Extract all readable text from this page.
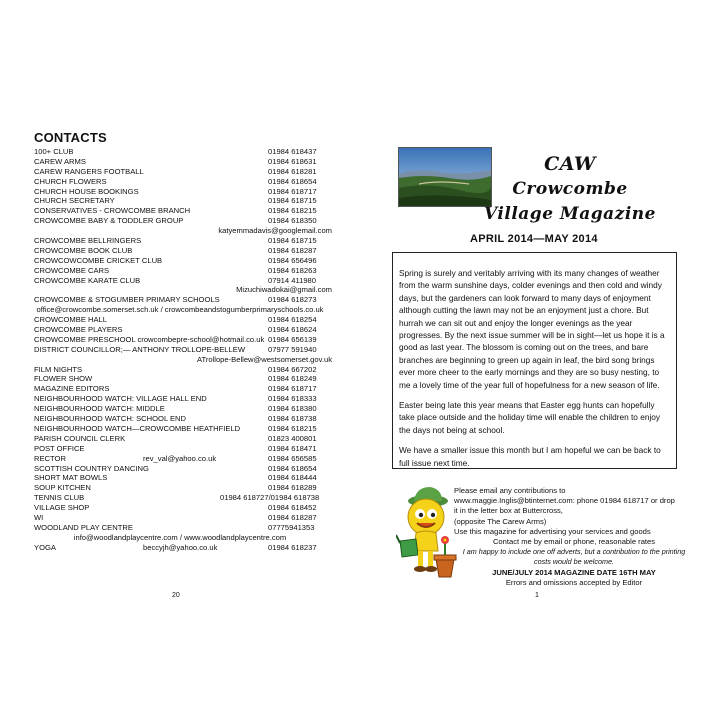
CONTACTS
100+ CLUB	01984 618437
CAREW ARMS	01984 618631
CAREW RANGERS FOOTBALL	01984 618281
CHURCH FLOWERS	01984 618654
CHURCH HOUSE BOOKINGS	01984 618717
CHURCH SECRETARY	01984 618715
CONSERVATIVES - CROWCOMBE BRANCH	01984 618215
CROWCOMBE BABY & TODDLER GROUP	01984 618350
katyemmadavis@googlemail.com
CROWCOMBE BELLRINGERS	01984 618715
CROWCOMBE BOOK CLUB	01984 618287
CROWCOWCOMBE CRICKET CLUB	01984 656496
CROWCOMBE CARS	01984 618263
CROWCOMBE KARATE CLUB	07914 411980
Mizuchiwadokai@gmail.com
CROWCOMBE & STOGUMBER PRIMARY SCHOOLS	01984 618273
office@crowcombe.somerset.sch.uk / crowcombeandstogumberprimaryschools.co.uk
CROWCOMBE HALL	01984 618254
CROWCOMBE PLAYERS	01984 618624
CROWCOMBE PRESCHOOL crowcombepre-school@hotmail.co.uk 01984 656139
DISTRICT COUNCILLOR;— ANTHONY TROLLOPE-BELLEW	07977 591940
ATrollope-Bellew@westsomerset.gov.uk
FILM NIGHTS	01984 667202
FLOWER SHOW	01984 618249
MAGAZINE EDITORS	01984 618717
NEIGHBOURHOOD WATCH: VILLAGE HALL END	01984 618333
NEIGHBOURHOOD WATCH: MIDDLE	01984 618380
NEIGHBOURHOOD WATCH: SCHOOL END	01984 618738
NEIGHBOURHOOD WATCH—CROWCOMBE HEATHFIELD	01984 618215
PARISH COUNCIL CLERK	01823 400801
POST OFFICE	01984 618471
RECTOR	rev_val@yahoo.co.uk	01984 656585
SCOTTISH COUNTRY DANCING	01984 618654
SHORT MAT BOWLS	01984 618444
SOUP KITCHEN	01984 618289
TENNIS CLUB	01984 618727/01984 618738
VILLAGE SHOP	01984 618452
WI	01984 618287
WOODLAND PLAY CENTRE	07775941353
info@woodlandplaycentre.com / www.woodlandplaycentre.com
YOGA	beccyjh@yahoo.co.uk	01984 618237
20
CAW
Crowcombe
Village Magazine
APRIL 2014—MAY 2014

Spring is surely and veritably arriving with its many changes of weather from the warm sunshine days, colder evenings and then cold and windy days, but the gardeners can look forward to many days of enjoyment although cutting the lawn may not be an enjoyment just a chore. But hurrah we can sit out and enjoy the longer evenings as the year progresses. By the next issue summer will be in sight—let us hope it is a good as last year. The blossom is coming out on the trees, and bare branches are beginning to green up again in leaf, the bird song brings ever more cheer to the early mornings and they are so busy nesting, to me a lovely time of the year full of hopefulness for a new season of life.

Easter being late this year means that Easter egg hunts can hopefully take place outside and the holiday time will enable the children to enjoy the days not being at school.

We have a smaller issue this month but I am hopeful we can be back to full issue next time.

Please email any contributions to
www.maggie.Inglis@btinternet.com: phone 01984 618717 or drop
it in the letter box at Buttercross,
(opposite The Carew Arms)
Use this magazine for advertising your services and goods
Contact me by email or phone, reasonable rates
I am happy to include one off adverts, but a contribution to the printing
costs would be welcome.
JUNE/JULY 2014 MAGAZINE DATE 16TH MAY
Errors and omissions accepted by Editor
1
